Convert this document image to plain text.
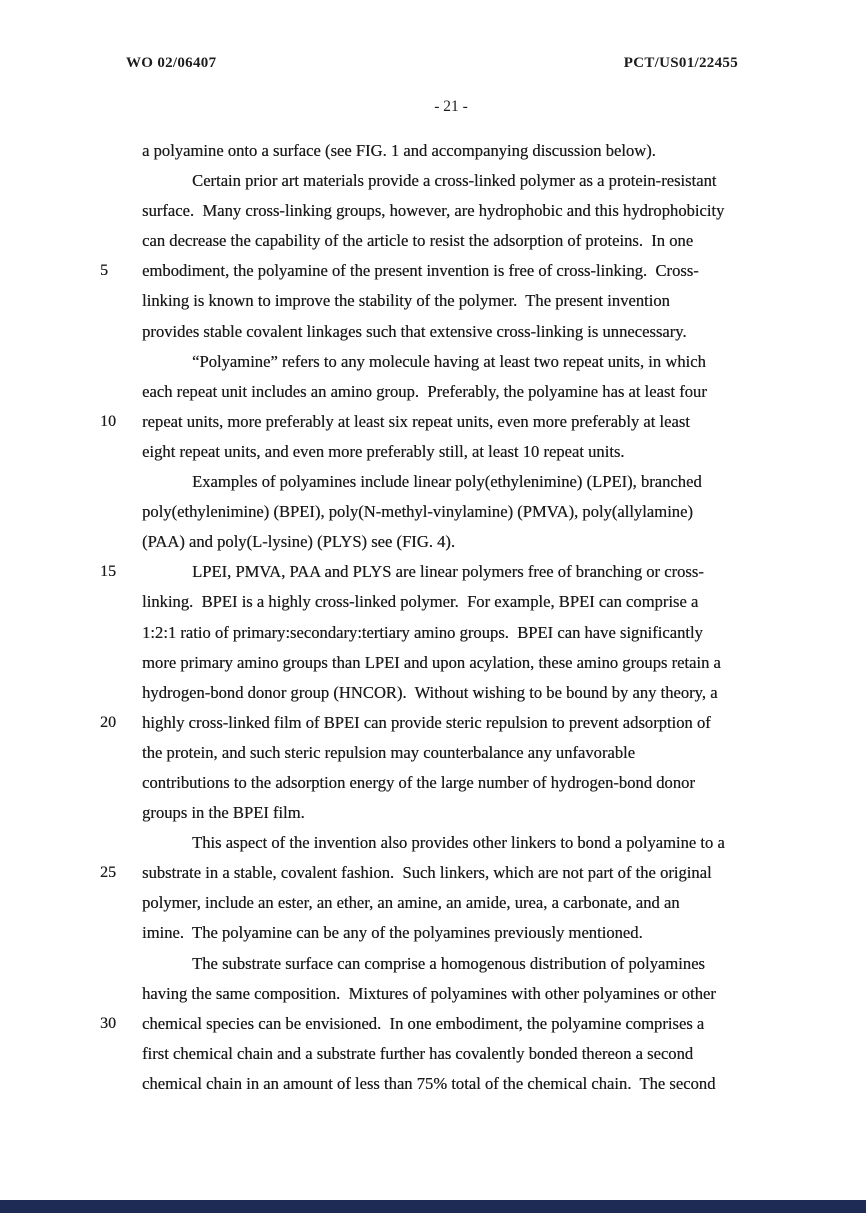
WO 02/06407	PCT/US01/22455
- 21 -
a polyamine onto a surface (see FIG. 1 and accompanying discussion below).
Certain prior art materials provide a cross-linked polymer as a protein-resistant
surface.  Many cross-linking groups, however, are hydrophobic and this hydrophobicity
can decrease the capability of the article to resist the adsorption of proteins.  In one
5 embodiment, the polyamine of the present invention is free of cross-linking.  Cross-
linking is known to improve the stability of the polymer.  The present invention
provides stable covalent linkages such that extensive cross-linking is unnecessary.
“Polyamine” refers to any molecule having at least two repeat units, in which
each repeat unit includes an amino group.  Preferably, the polyamine has at least four
10 repeat units, more preferably at least six repeat units, even more preferably at least
eight repeat units, and even more preferably still, at least 10 repeat units.
Examples of polyamines include linear poly(ethylenimine) (LPEI), branched
poly(ethylenimine) (BPEI), poly(N-methyl-vinylamine) (PMVA), poly(allylamine)
(PAA) and poly(L-lysine) (PLYS) see (FIG. 4).
15	LPEI, PMVA, PAA and PLYS are linear polymers free of branching or cross-
linking.  BPEI is a highly cross-linked polymer.  For example, BPEI can comprise a
1:2:1 ratio of primary:secondary:tertiary amino groups.  BPEI can have significantly
more primary amino groups than LPEI and upon acylation, these amino groups retain a
hydrogen-bond donor group (HNCOR).  Without wishing to be bound by any theory, a
20 highly cross-linked film of BPEI can provide steric repulsion to prevent adsorption of
the protein, and such steric repulsion may counterbalance any unfavorable
contributions to the adsorption energy of the large number of hydrogen-bond donor
groups in the BPEI film.
This aspect of the invention also provides other linkers to bond a polyamine to a
25 substrate in a stable, covalent fashion.  Such linkers, which are not part of the original
polymer, include an ester, an ether, an amine, an amide, urea, a carbonate, and an
imine.  The polyamine can be any of the polyamines previously mentioned.
The substrate surface can comprise a homogenous distribution of polyamines
having the same composition.  Mixtures of polyamines with other polyamines or other
30 chemical species can be envisioned.  In one embodiment, the polyamine comprises a
first chemical chain and a substrate further has covalently bonded thereon a second
chemical chain in an amount of less than 75% total of the chemical chain.  The second
